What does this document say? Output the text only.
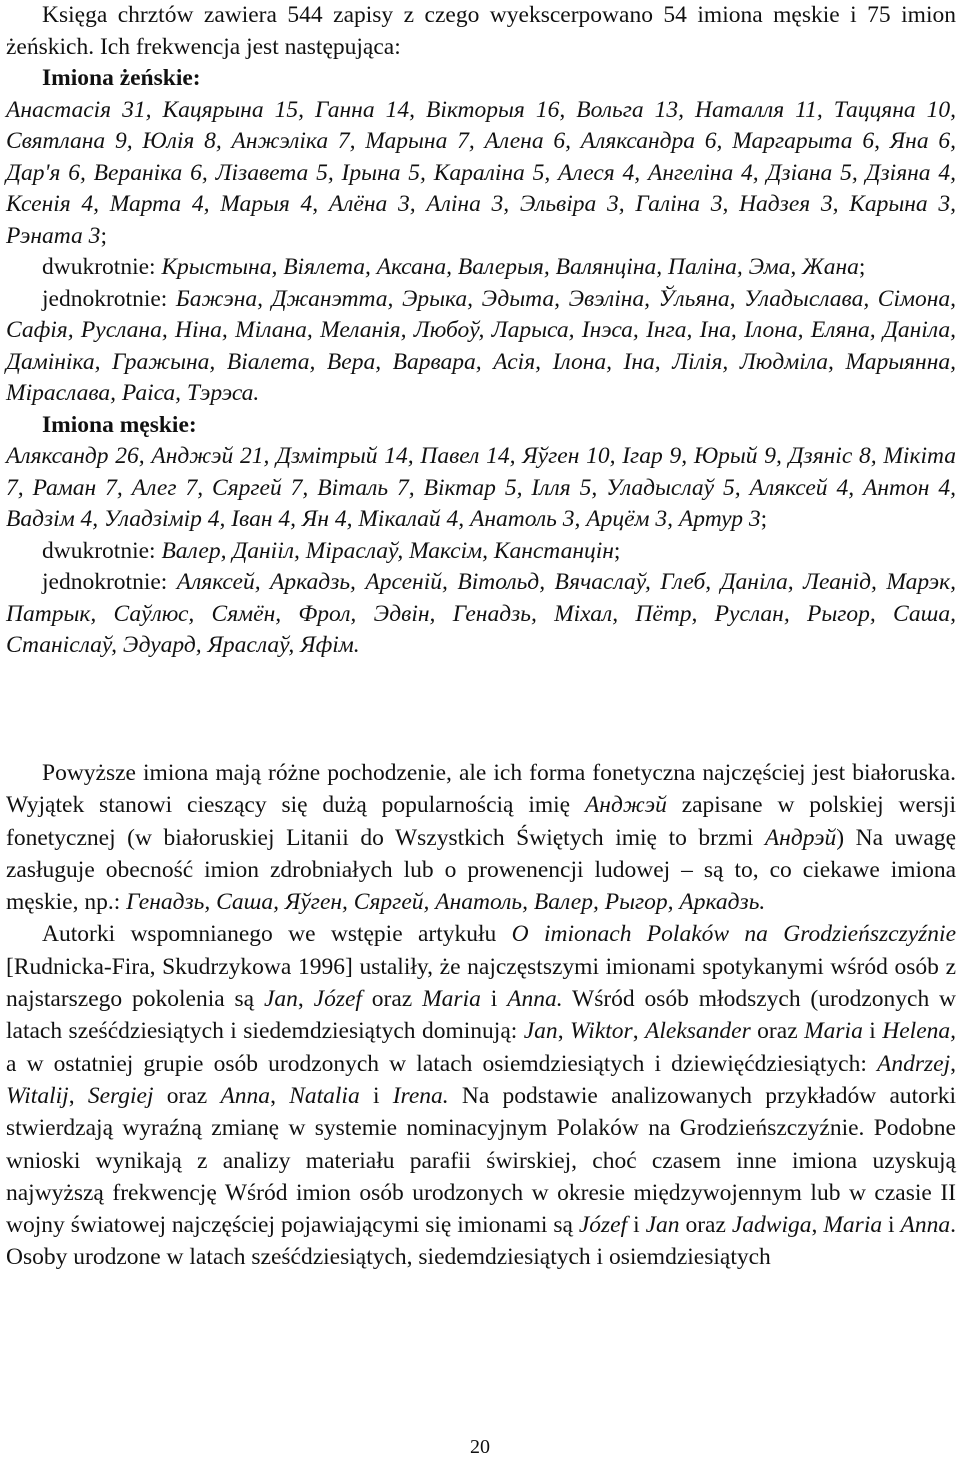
Księga chrztów zawiera 544 zapisy z czego wyekscerpowano 54 imiona męskie i 75 imion żeńskich. Ich frekwencja jest następująca:

Imiona żeńskie:

Анастасія 31, Кацярына 15, Ганна 14, Вікторыя 16, Вольга 13, Наталля 11, Таццяна 10, Святлана 9, Юлія 8, Анжэліка 7, Марына 7, Алена 6, Аляксандра 6, Маргарыта 6, Яна 6, Дар'я 6, Вераніка 6, Лізавета 5, Ірына 5, Караліна 5, Алеся 4, Ангеліна 4, Дзіана 5, Дзіяна 4, Ксенія 4, Марта 4, Марыя 4, Алёна 3, Аліна 3, Эльвіра 3, Галіна 3, Надзея 3, Карына 3, Рэната 3;

dwukrotnie: Крыстына, Віялета, Аксана, Валерыя, Валянціна, Паліна, Эма, Жана;

jednokrotnie: Бажэна, Джанэтта, Эрыка, Эдыта, Эвэліна, Ўльяна, Уладыслава, Сімона, Сафія, Руслана, Ніна, Мілана, Меланія, Любоў, Ларыса, Інэса, Інга, Іна, Ілона, Еляна, Даніла, Дамініка, Гражына, Віалета, Вера, Варвара, Асія, Ілона, Іна, Лілія, Людміла, Марыянна, Міраслава, Раіса, Тэрэса.

Imiona męskie:

Аляксандр 26, Анджэй 21, Дзмітрый 14, Павел 14, Яўген 10, Ігар 9, Юрый 9, Дзяніс 8, Мікіта 7, Раман 7, Алег 7, Сяргей 7, Віталь 7, Віктар 5, Ілля 5, Уладыслаў 5, Аляксей 4, Антон 4, Вадзім 4, Уладзімір 4, Іван 4, Ян 4, Мікалай 4, Анатоль 3, Арцём 3, Артур 3;

dwukrotnie: Валер, Данііл, Міраслаў, Максім, Канстанцін;

jednokrotnie: Аляксей, Аркадзь, Арсеній, Вітольд, Вячаслаў, Глеб, Даніла, Леанід, Марэк, Патрык, Саўлюс, Сямён, Фрол, Эдвін, Генадзь, Міхал, Пётр, Руслан, Рыгор, Саша, Станіслаў, Эдуард, Яраслаў, Яфім.

Powyższe imiona mają różne pochodzenie, ale ich forma fonetyczna najczęściej jest białoruska. Wyjątek stanowi cieszący się dużą popularnością imię Анджэй zapisane w polskiej wersji fonetycznej (w białoruskiej Litanii do Wszystkich Świętych imię to brzmi Андрэй) Na uwagę zasługuje obecność imion zdrobniałych lub o prowenencji ludowej – są to, co ciekawe imiona męskie, np.: Генадзь, Саша, Яўген, Сяргей, Анатоль, Валер, Рыгор, Аркадзь.

Autorki wspomnianego we wstępie artykułu O imionach Polaków na Grodzieńszczyźnie [Rudnicka-Fira, Skudrzykowa 1996] ustaliły, że najczęstszymi imionami spotykanymi wśród osób z najstarszego pokolenia są Jan, Józef oraz Maria i Anna. Wśród osób młodszych (urodzonych w latach sześćdziesiątych i siedemdziesiątych dominują: Jan, Wiktor, Aleksander oraz Maria i Helena, a w ostatniej grupie osób urodzonych w latach osiemdziesiątych i dziewięćdziesiątych: Andrzej, Witalij, Sergiej oraz Anna, Natalia i Irena. Na podstawie analizowanych przykładów autorki stwierdzają wyraźną zmianę w systemie nominacyjnym Polaków na Grodzieńszczyźnie. Podobne wnioski wynikają z analizy materiału parafii świrskiej, choć czasem inne imiona uzyskują najwyższą frekwencję Wśród imion osób urodzonych w okresie międzywojennym lub w czasie II wojny światowej najczęściej pojawiającymi się imionami są Józef i Jan oraz Jadwiga, Maria i Anna. Osoby urodzone w latach sześćdziesiątych, siedemdziesiątych i osiemdziesiątych

20
